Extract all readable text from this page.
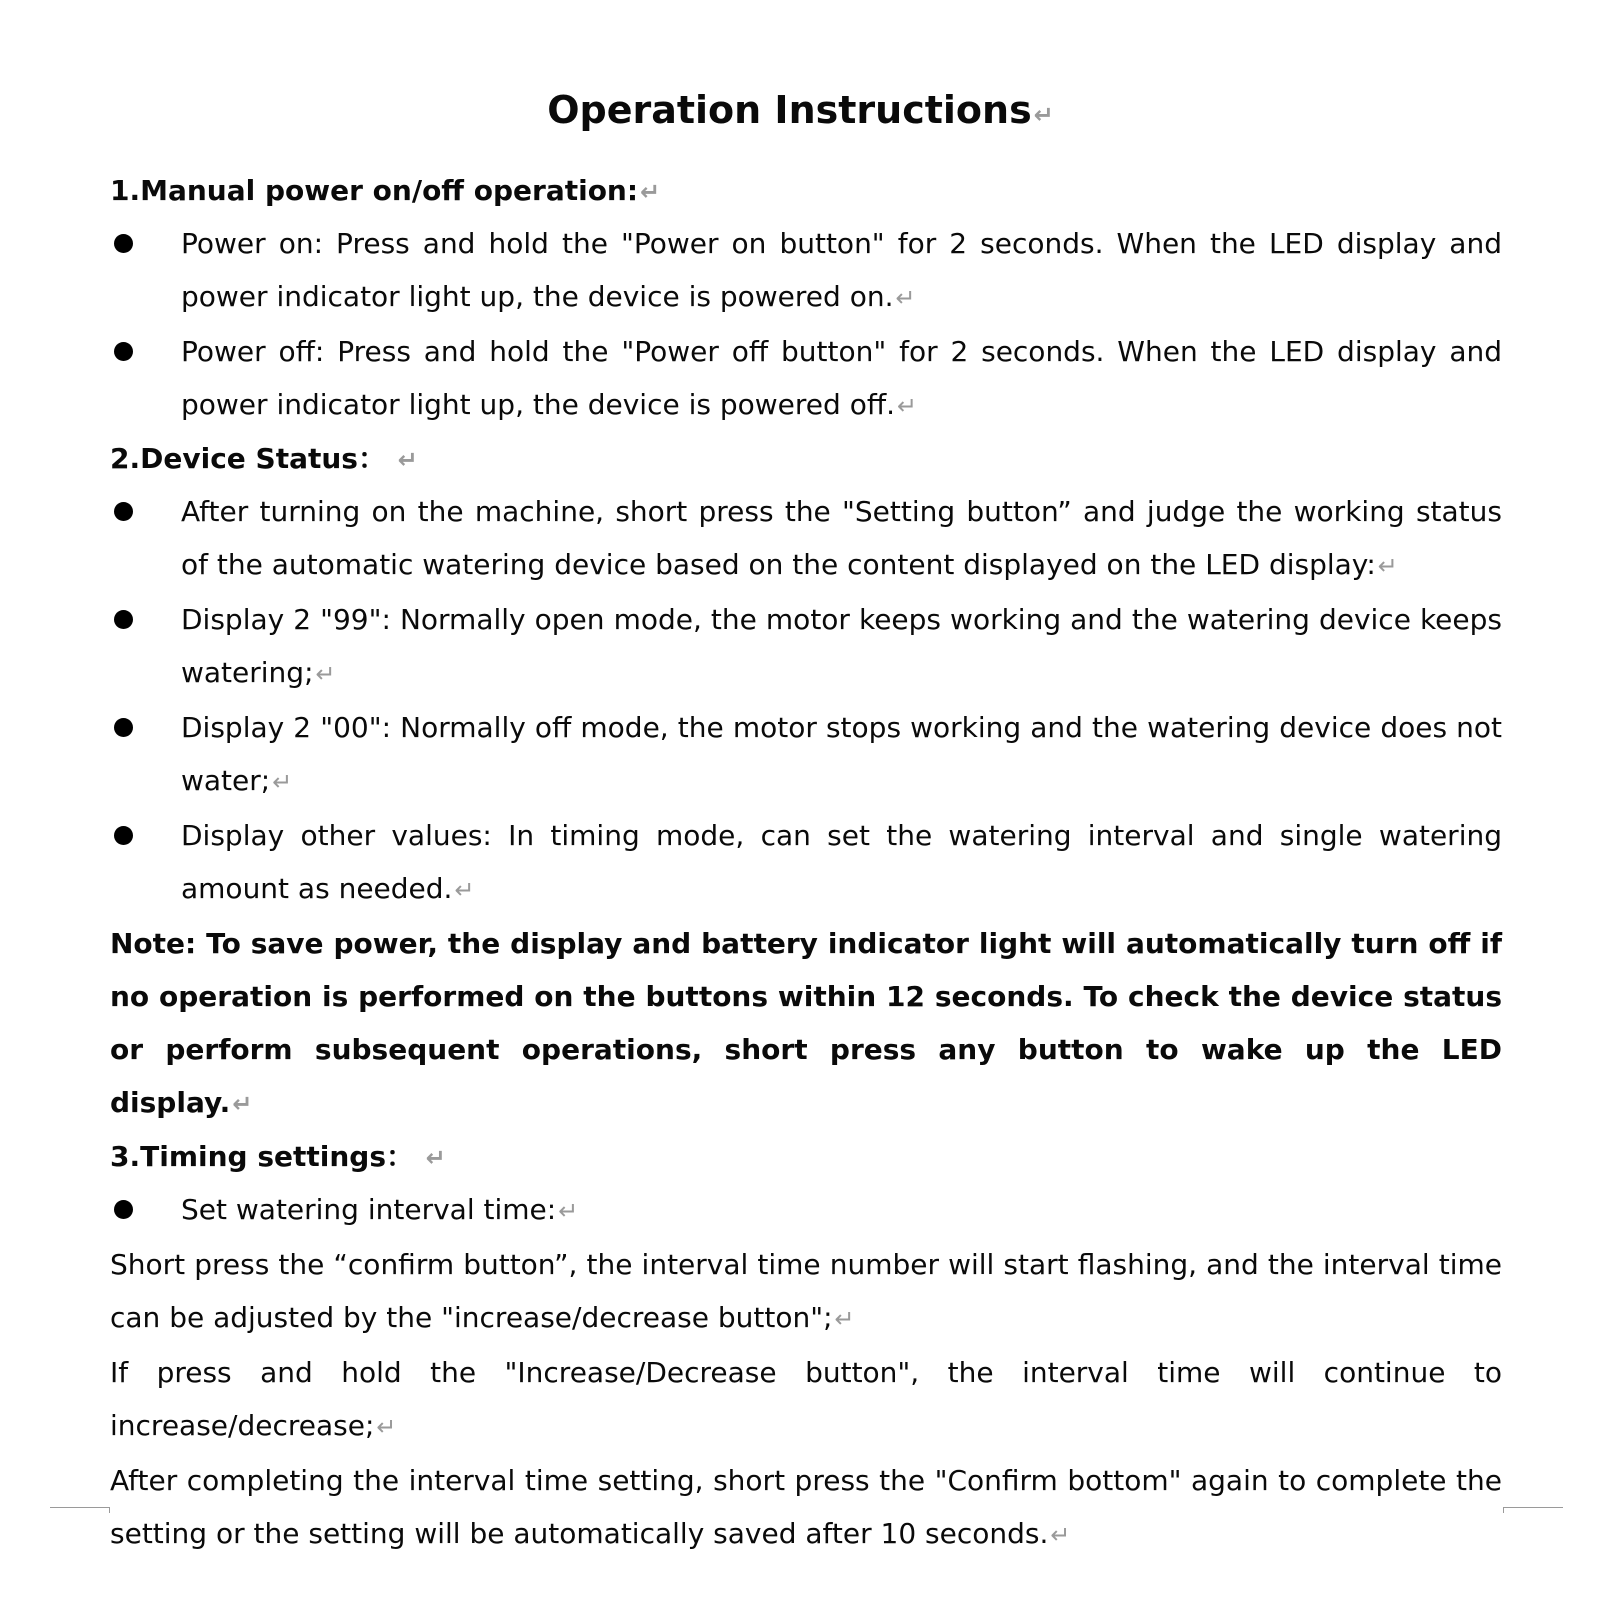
Operation Instructions↵
1.Manual power on/off operation:↵
Power on: Press and hold the "Power on button" for 2 seconds. When the LED display and power indicator light up, the device is powered on.↵
Power off: Press and hold the "Power off button" for 2 seconds. When the LED display and power indicator light up, the device is powered off.↵
2.Device Status： ↵
After turning on the machine, short press the "Setting button” and judge the working status of the automatic watering device based on the content displayed on the LED display:↵
Display 2 "99": Normally open mode, the motor keeps working and the watering device keeps watering;↵
Display 2 "00": Normally off mode, the motor stops working and the watering device does not water;↵
Display other values: In timing mode, can set the watering interval and single watering amount as needed.↵
Note: To save power, the display and battery indicator light will automatically turn off if no operation is performed on the buttons within 12 seconds. To check the device status or perform subsequent operations, short press any button to wake up the LED display.↵
3.Timing settings： ↵
Set watering interval time:↵
Short press the “confirm button”, the interval time number will start flashing, and the interval time can be adjusted by the "increase/decrease button";↵
If press and hold the "Increase/Decrease button", the interval time will continue to increase/decrease;↵
After completing the interval time setting, short press the "Confirm bottom" again to complete the setting or the setting will be automatically saved after 10 seconds.↵
